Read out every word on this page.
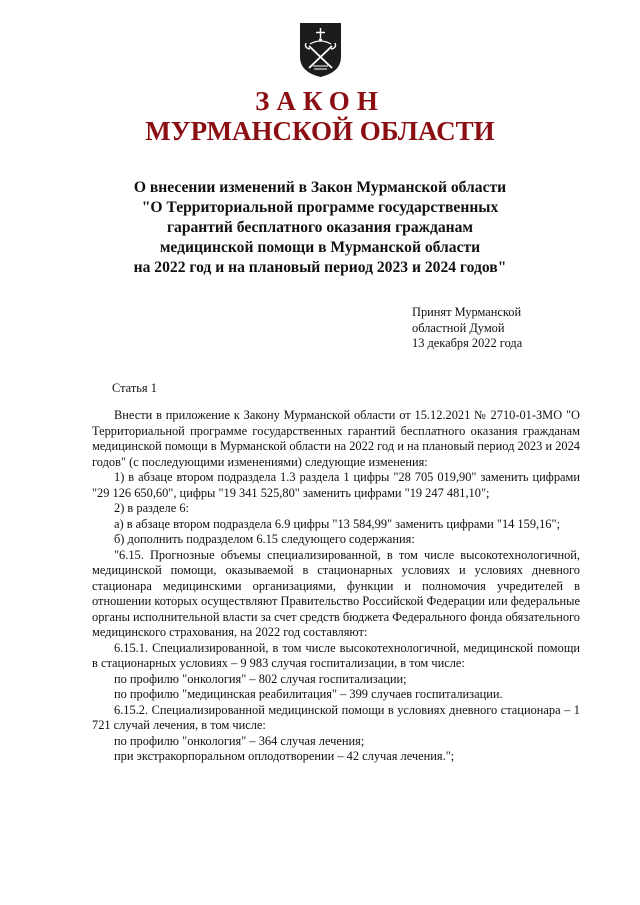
ЗАКОН
МУРМАНСКОЙ ОБЛАСТИ
О внесении изменений в Закон Мурманской области
"О Территориальной программе государственных
гарантий бесплатного оказания гражданам
медицинской помощи в Мурманской области
на 2022 год и на плановый период 2023 и 2024 годов"
Принят Мурманской
областной Думой
13 декабря 2022 года
Статья 1

Внести в приложение к Закону Мурманской области от 15.12.2021 № 2710-01-ЗМО "О Территориальной программе государственных гарантий бесплатного оказания гражданам медицинской помощи в Мурманской области на 2022 год и на плановый период 2023 и 2024 годов" (с последующими изменениями) следующие изменения:

1) в абзаце втором подраздела 1.3 раздела 1 цифры "28 705 019,90" заменить цифрами "29 126 650,60", цифры "19 341 525,80" заменить цифрами "19 247 481,10";

2) в разделе 6:

а) в абзаце втором подраздела 6.9 цифры "13 584,99" заменить цифрами "14 159,16";

б) дополнить подразделом 6.15 следующего содержания:

"6.15. Прогнозные объемы специализированной, в том числе высокотехнологичной, медицинской помощи, оказываемой в стационарных условиях и условиях дневного стационара медицинскими организациями, функции и полномочия учредителей в отношении которых осуществляют Правительство Российской Федерации или федеральные органы исполнительной власти за счет средств бюджета Федерального фонда обязательного медицинского страхования, на 2022 год составляют:

6.15.1. Специализированной, в том числе высокотехнологичной, медицинской помощи в стационарных условиях – 9 983 случая госпитализации, в том числе:

по профилю "онкология" – 802 случая госпитализации;

по профилю "медицинская реабилитация" – 399 случаев госпитализации.

6.15.2. Специализированной медицинской помощи в условиях дневного стационара – 1 721 случай лечения, в том числе:

по профилю "онкология" – 364 случая лечения;

при экстракорпоральном оплодотворении – 42 случая лечения.";
